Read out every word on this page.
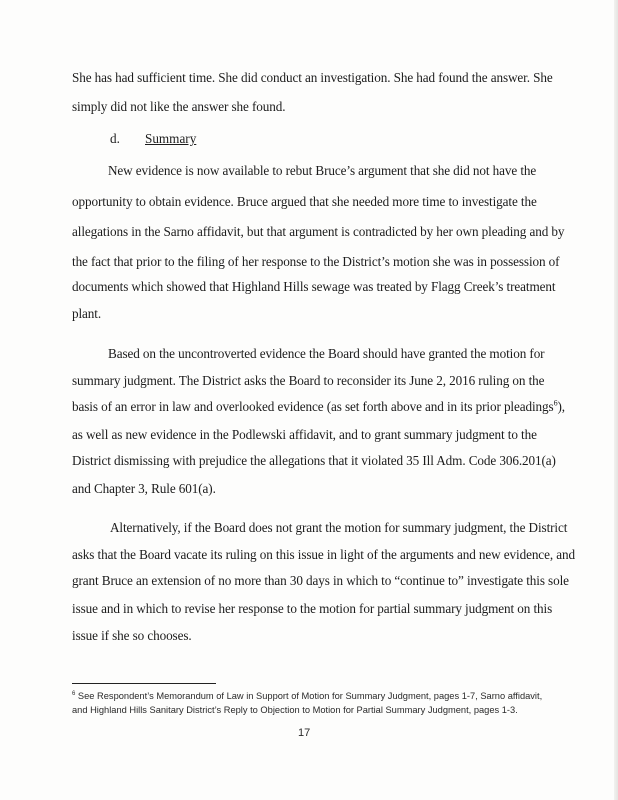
She has had sufficient time. She did conduct an investigation. She had found the answer. She
simply did not like the answer she found.
d. Summary
New evidence is now available to rebut Bruce’s argument that she did not have the
opportunity to obtain evidence. Bruce argued that she needed more time to investigate the
allegations in the Sarno affidavit, but that argument is contradicted by her own pleading and by
the fact that prior to the filing of her response to the District’s motion she was in possession of
documents which showed that Highland Hills sewage was treated by Flagg Creek’s treatment
plant.
Based on the uncontroverted evidence the Board should have granted the motion for
summary judgment. The District asks the Board to reconsider its June 2, 2016 ruling on the
basis of an error in law and overlooked evidence (as set forth above and in its prior pleadings$^6$),
as well as new evidence in the Podlewski affidavit, and to grant summary judgment to the
District dismissing with prejudice the allegations that it violated 35 Ill Adm. Code 306.201(a)
and Chapter 3, Rule 601(a).
Alternatively, if the Board does not grant the motion for summary judgment, the District
asks that the Board vacate its ruling on this issue in light of the arguments and new evidence, and
grant Bruce an extension of no more than 30 days in which to “continue to” investigate this sole
issue and in which to revise her response to the motion for partial summary judgment on this
issue if she so chooses.
$^6$ See Respondent’s Memorandum of Law in Support of Motion for Summary Judgment, pages 1-7, Sarno affidavit,
and Highland Hills Sanitary District’s Reply to Objection to Motion for Partial Summary Judgment, pages 1-3.
17
